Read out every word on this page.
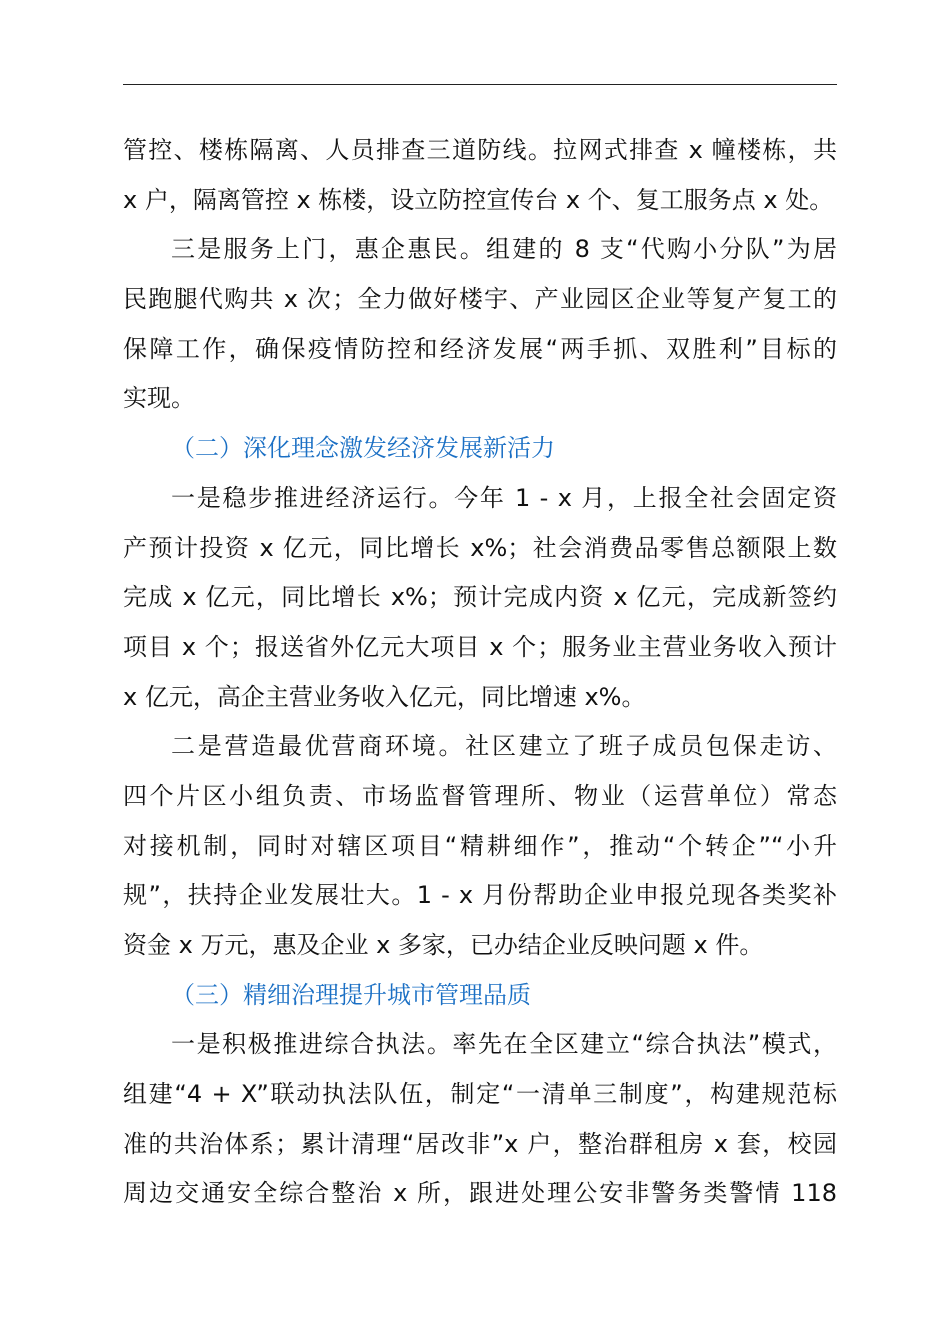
管控、楼栋隔离、人员排查三道防线。拉网式排查 x 幢楼栋，共
x 户，隔离管控 x 栋楼，设立防控宣传台 x 个、复工服务点 x 处。
三是服务上门，惠企惠民。组建的 8 支“代购小分队”为居
民跑腿代购共 x 次；全力做好楼宇、产业园区企业等复产复工的
保障工作，确保疫情防控和经济发展“两手抓、双胜利”目标的
实现。
（二）深化理念激发经济发展新活力
一是稳步推进经济运行。今年 1 - x 月，上报全社会固定资
产预计投资 x 亿元，同比增长 x%；社会消费品零售总额限上数
完成 x 亿元，同比增长 x%；预计完成内资 x 亿元，完成新签约
项目 x 个；报送省外亿元大项目 x 个；服务业主营业务收入预计
x 亿元，高企主营业务收入亿元，同比增速 x%。
二是营造最优营商环境。社区建立了班子成员包保走访、
四个片区小组负责、市场监督管理所、物业（运营单位）常态
对接机制，同时对辖区项目“精耕细作”，推动“个转企”“小升
规”，扶持企业发展壮大。1 - x 月份帮助企业申报兑现各类奖补
资金 x 万元，惠及企业 x 多家，已办结企业反映问题 x 件。
（三）精细治理提升城市管理品质
一是积极推进综合执法。率先在全区建立“综合执法”模式，
组建“4 + X”联动执法队伍，制定“一清单三制度”，构建规范标
准的共治体系；累计清理“居改非”x 户，整治群租房 x 套，校园
周边交通安全综合整治 x 所，跟进处理公安非警务类警情 118
